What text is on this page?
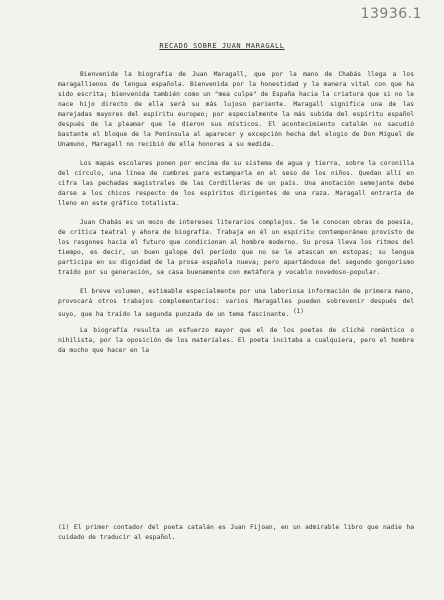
13936.1
RECADO SOBRE JUAN MARAGALL

Bienvenida la biografía de Juan Maragall, que por la mano de Chabás llega a los maragallienos de lengua española. Bienvenida por la honestidad y la manera vital con que ha sido escrita; bienvenida también como un "mea culpa" de España hacia la criatura que si no le nace hijo directo de ella será su más lujoso pariente. Maragall significa una de las marejadas mayores del espíritu europeo; por especialmente la más subida del espíritu español después de la pleamar que le dieron sus místicos. El acontecimiento catalán no sacudió bastante el bloque de la Península al aparecer y excepción hecha del elogio de Don Miguel de Unamuno, Maragall no recibió de ella honores a su medida.

Los mapas escolares ponen por encima de su sistema de agua y tierra, sobre la coronilla del círculo, una línea de cumbres para estamparla en el seso de los niños. Quedan allí en cifra las pechadas magistrales de las Cordilleras de un país. Una anotación semejante debe darse a los chicos respecto de los espíritus dirigentes de una raza. Maragall entraría de lleno en este gráfico totalista.

Juan Chabás es un mozo de intereses literarios complejos. Se le conocen obras de poesía, de crítica teatral y ahora de biografía. Trabaja en él un espíritu contemporáneo provisto de los rasgones hacia el futuro que condicionan al hombre moderno. Su prosa lleva los ritmos del tiempo, es decir, un buen galope del período que no se le atascan en estopas; su lengua participa en su dignidad de la prosa española nueva; pero apartándose del segundo gongorismo traído por su generación, se casa buenamente con metáfora y vocablo novedoso-popular.

El breve volumen, estimable especialmente por una laboriosa información de primera mano, provocará otros trabajos complementarios: varios Maragalles pueden sobrevenir después del suyo, que ha traído la segunda punzada de un tema fascinante. (1)

La biografía resulta un esfuerzo mayor que el de los poetas de cliché romántico o nihilista, por la oposición de los materiales. El poeta incitaba a cualquiera, pero el hombre da mucho que hacer en la

(1) El primer contador del poeta catalán es Juan Fijoan, en un admirable libro que nadie ha cuidado de traducir al español.
